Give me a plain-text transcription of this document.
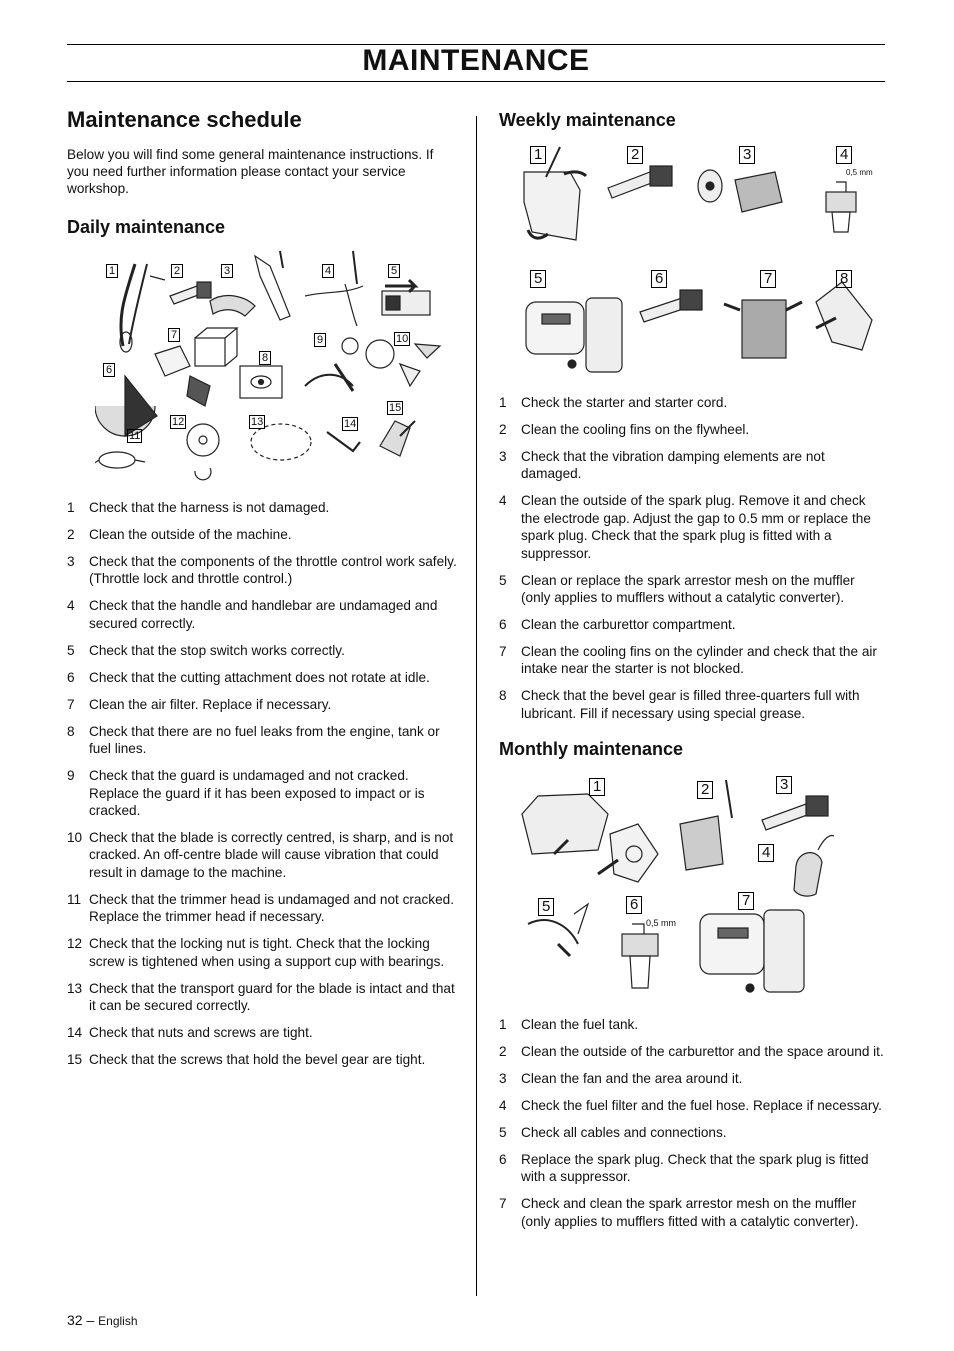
MAINTENANCE
Maintenance schedule
Below you will find some general maintenance instructions. If you need further information please contact your service workshop.
Daily maintenance
1	2	3	4	5
6
7
8
9	10
11
12	13	14
15
1 Check that the harness is not damaged.
2 Clean the outside of the machine.
3 Check that the components of the throttle control work safely. (Throttle lock and throttle control.)
4 Check that the handle and handlebar are undamaged and secured correctly.
5 Check that the stop switch works correctly.
6 Check that the cutting attachment does not rotate at idle.
7 Clean the air filter. Replace if necessary.
8 Check that there are no fuel leaks from the engine, tank or fuel lines.
9 Check that the guard is undamaged and not cracked. Replace the guard if it has been exposed to impact or is cracked.
10 Check that the blade is correctly centred, is sharp, and is not cracked. An off-centre blade will cause vibration that could result in damage to the machine.
11 Check that the trimmer head is undamaged and not cracked. Replace the trimmer head if necessary.
12 Check that the locking nut is tight. Check that the locking screw is tightened when using a support cup with bearings.
13 Check that the transport guard for the blade is intact and that it can be secured correctly.
14 Check that nuts and screws are tight.
15 Check that the screws that hold the bevel gear are tight.
Weekly maintenance
1	2	3	4
0,5 mm
5	6	7	8
1 Check the starter and starter cord.
2 Clean the cooling fins on the flywheel.
3 Check that the vibration damping elements are not damaged.
4 Clean the outside of the spark plug. Remove it and check the electrode gap. Adjust the gap to 0.5 mm or replace the spark plug. Check that the spark plug is fitted with a suppressor.
5 Clean or replace the spark arrestor mesh on the muffler (only applies to mufflers without a catalytic converter).
6 Clean the carburettor compartment.
7 Clean the cooling fins on the cylinder and check that the air intake near the starter is not blocked.
8 Check that the bevel gear is filled three-quarters full with lubricant. Fill if necessary using special grease.
Monthly maintenance
1	2	3
4
5	6
0,5 mm
7
1 Clean the fuel tank.
2 Clean the outside of the carburettor and the space around it.
3 Clean the fan and the area around it.
4 Check the fuel filter and the fuel hose. Replace if necessary.
5 Check all cables and connections.
6 Replace the spark plug. Check that the spark plug is fitted with a suppressor.
7 Check and clean the spark arrestor mesh on the muffler (only applies to mufflers fitted with a catalytic converter).
32 – English
